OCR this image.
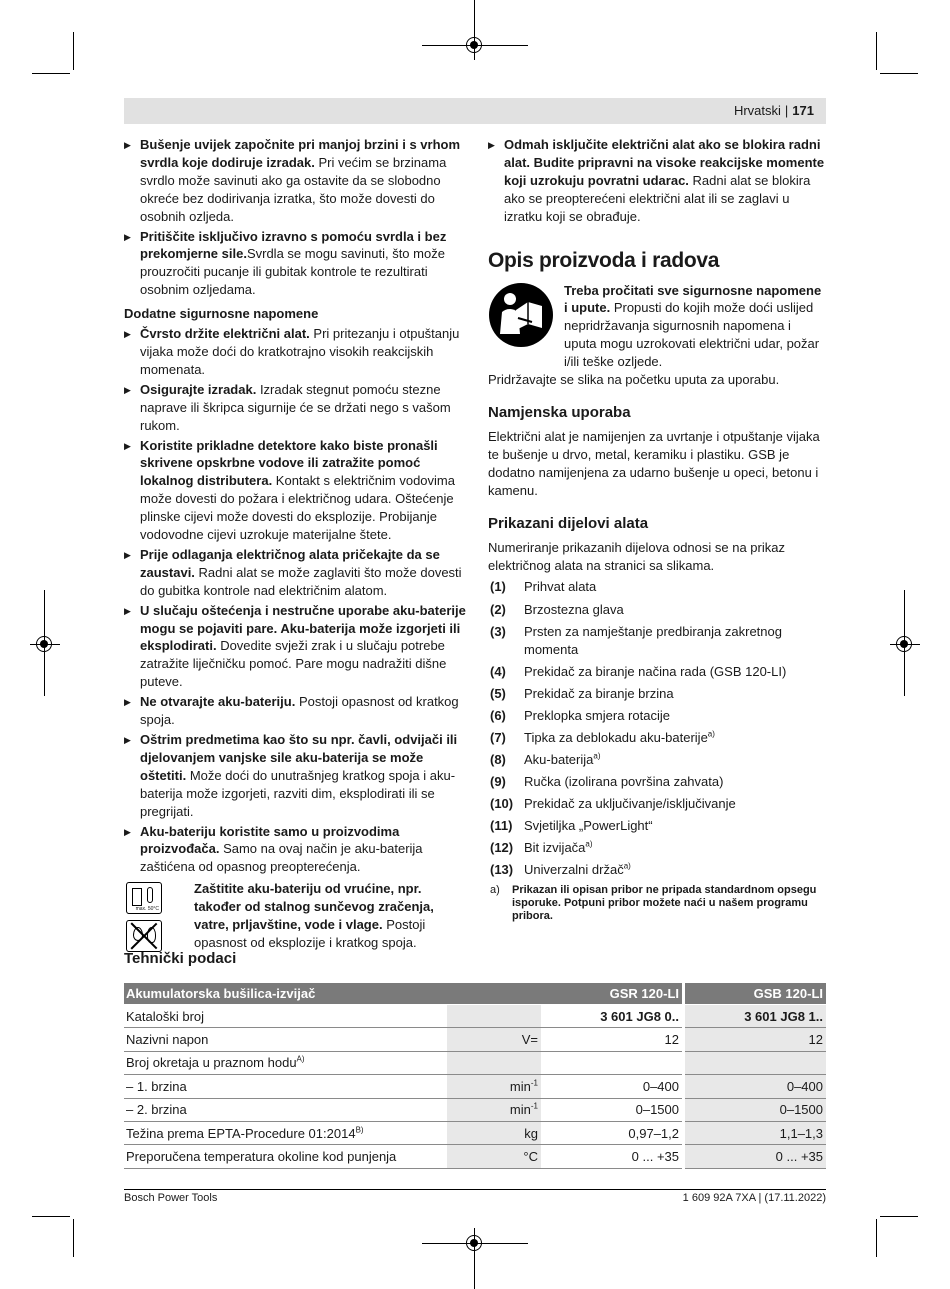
Hrvatski | 171
▶ Bušenje uvijek započnite pri manjoj brzini i s vrhom svrdla koje dodiruje izradak. Pri većim se brzinama svrdlo može savinuti ako ga ostavite da se slobodno okreće bez dodirivanja izratka, što može dovesti do osobnih ozljeda.
▶ Pritiščite isključivo izravno s pomoću svrdla i bez prekomjerne sile.Svrdla se mogu savinuti, što može prouzročiti pucanje ili gubitak kontrole te rezultirati osobnim ozljedama.
Dodatne sigurnosne napomene
▶ Čvrsto držite električni alat. Pri pritezanju i otpuštanju vijaka može doći do kratkotrajno visokih reakcijskih momenata.
▶ Osigurajte izradak. Izradak stegnut pomoću stezne naprave ili škripca sigurnije će se držati nego s vašom rukom.
▶ Koristite prikladne detektore kako biste pronašli skrivene opskrbne vodove ili zatražite pomoć lokalnog distributera. Kontakt s električnim vodovima može dovesti do požara i električnog udara. Oštećenje plinske cijevi može dovesti do eksplozije. Probijanje vodovodne cijevi uzrokuje materijalne štete.
▶ Prije odlaganja električnog alata pričekajte da se zaustavi. Radni alat se može zaglaviti što može dovesti do gubitka kontrole nad električnim alatom.
▶ U slučaju oštećenja i nestručne uporabe aku-baterije mogu se pojaviti pare. Aku-baterija može izgorjeti ili eksplodirati. Dovedite svježi zrak i u slučaju potrebe zatražite liječničku pomoć. Pare mogu nadražiti dišne puteve.
▶ Ne otvarajte aku-bateriju. Postoji opasnost od kratkog spoja.
▶ Oštrim predmetima kao što su npr. čavli, odvijači ili djelovanjem vanjske sile aku-baterija se može oštetiti. Može doći do unutrašnjeg kratkog spoja i aku-baterija može izgorjeti, razviti dim, eksplodirati ili se pregrijati.
▶ Aku-bateriju koristite samo u proizvodima proizvođača. Samo na ovaj način je aku-baterija zaštićena od opasnog preopterećenja.
max. 50°C
Zaštitite aku-bateriju od vrućine, npr. također od stalnog sunčevog zračenja, vatre, prljavštine, vode i vlage. Postoji opasnost od eksplozije i kratkog spoja.
▶ Odmah isključite električni alat ako se blokira radni alat. Budite pripravni na visoke reakcijske momente koji uzrokuju povratni udarac. Radni alat se blokira ako se preopterećeni električni alat ili se zaglavi u izratku koji se obrađuje.
Opis proizvoda i radova
Treba pročitati sve sigurnosne napomene i upute. Propusti do kojih može doći uslijed nepridržavanja sigurnosnih napomena i uputa mogu uzrokovati električni udar, požar i/ili teške ozljede.

Pridržavajte se slika na početku uputa za uporabu.

Namjenska uporaba

Električni alat je namijenjen za uvrtanje i otpuštanje vijaka te bušenje u drvo, metal, keramiku i plastiku. GSB je dodatno namijenjena za udarno bušenje u opeci, betonu i kamenu.

Prikazani dijelovi alata

Numeriranje prikazanih dijelova odnosi se na prikaz električnog alata na stranici sa slikama.

(1) Prihvat alata
(2) Brzostezna glava
(3) Prsten za namještanje predbiranja zakretnog momenta
(4) Prekidač za biranje načina rada (GSB 120-LI)
(5) Prekidač za biranje brzina
(6) Preklopka smjera rotacije
(7) Tipka za deblokadu aku-baterije$^{a)}$
(8) Aku-baterija$^{a)}$
(9) Ručka (izolirana površina zahvata)
(10) Prekidač za uključivanje/isključivanje
(11) Svjetiljka „PowerLight“
(12) Bit izvijača$^{a)}$
(13) Univerzalni držač$^{a)}$
a) Prikazan ili opisan pribor ne pripada standardnom opsegu isporuke. Potpuni pribor možete naći u našem programu pribora.
Tehnički podaci
Akumulatorska bušilica-izvijač		GSR 120-LI	GSB 120-LI
Kataloški broj		3 601 JG8 0..	3 601 JG8 1..
Nazivni napon	V=	12	12
Broj okretaja u praznom hodu$^{A)}$			
– 1. brzina	$\min^{-1}$	0–400	0–400
– 2. brzina	$\min^{-1}$	0–1500	0–1500
Težina prema EPTA-Procedure $01:2014^{B)}$	kg	0,97–1,2	1,1–1,3
Preporučena temperatura okoline kod punjenja	°C	0 ... +35	0 ... +35
Bosch Power Tools	1 609 92A 7XA | (17.11.2022)
